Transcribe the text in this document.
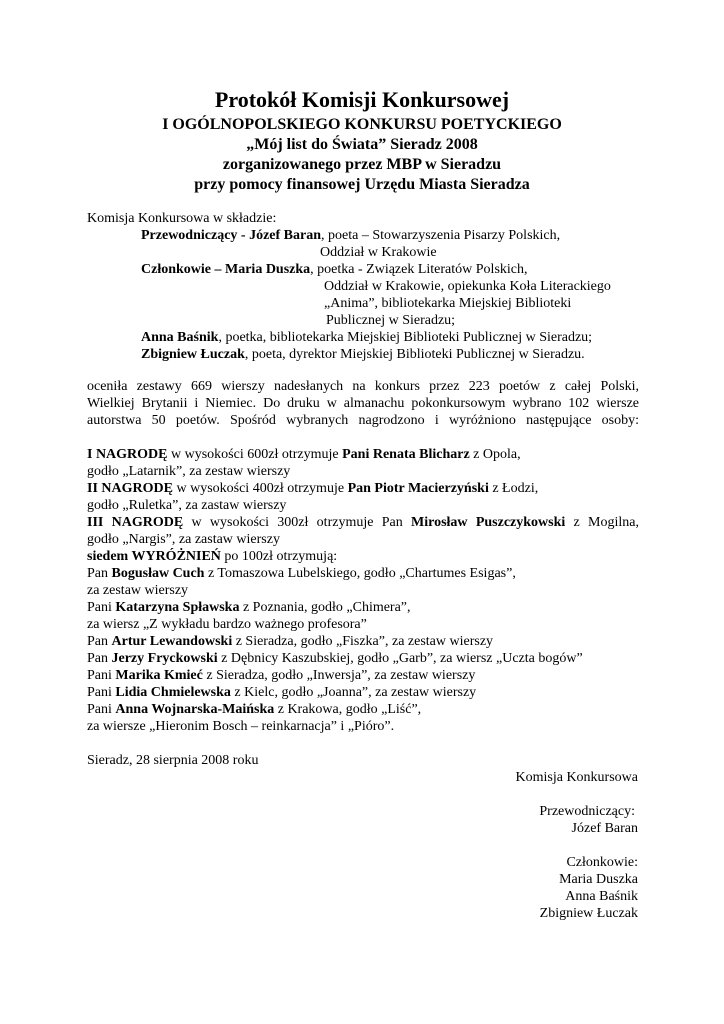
Protokół Komisji Konkursowej
I OGÓLNOPOLSKIEGO KONKURSU POETYCKIEGO
„Mój list do Świata” Sieradz 2008
zorganizowanego przez MBP w Sieradzu
przy pomocy finansowej Urzędu Miasta Sieradza
Komisja Konkursowa w składzie:
Przewodniczący - Józef Baran, poeta – Stowarzyszenia Pisarzy Polskich,
Oddział w Krakowie
Członkowie – Maria Duszka, poetka - Związek Literatów Polskich,
Oddział w Krakowie, opiekunka Koła Literackiego
„Anima”, bibliotekarka Miejskiej Biblioteki
Publicznej w Sieradzu;
Anna Baśnik, poetka, bibliotekarka Miejskiej Biblioteki Publicznej w Sieradzu;
Zbigniew Łuczak, poeta, dyrektor Miejskiej Biblioteki Publicznej w Sieradzu.
oceniła zestawy 669 wierszy nadesłanych na konkurs przez 223 poetów z całej Polski,
Wielkiej Brytanii i Niemiec. Do druku w almanachu pokonkursowym wybrano 102 wiersze
autorstwa 50 poetów. Spośród wybranych nagrodzono i wyróżniono następujące osoby:
I NAGRODĘ w wysokości 600zł otrzymuje Pani Renata Blicharz z Opola,
godło „Latarnik”, za zestaw wierszy
II NAGRODĘ w wysokości 400zł otrzymuje Pan Piotr Macierzyński z Łodzi,
godło „Ruletka”, za zastaw wierszy
III NAGRODĘ w wysokości 300zł otrzymuje Pan Mirosław Puszczykowski z Mogilna,
godło „Nargis”, za zastaw wierszy
siedem WYRÓŻNIEŃ po 100zł otrzymują:
Pan Bogusław Cuch z Tomaszowa Lubelskiego, godło „Chartumes Esigas”,
za zestaw wierszy
Pani Katarzyna Spławska z Poznania, godło „Chimera”,
za wiersz „Z wykładu bardzo ważnego profesora”
Pan Artur Lewandowski z Sieradza, godło „Fiszka”, za zestaw wierszy
Pan Jerzy Fryckowski z Dębnicy Kaszubskiej, godło „Garb”, za wiersz „Uczta bogów”
Pani Marika Kmieć z Sieradza, godło „Inwersja”, za zestaw wierszy
Pani Lidia Chmielewska z Kielc, godło „Joanna”, za zestaw wierszy
Pani Anna Wojnarska-Maińska z Krakowa, godło „Liść”,
za wiersze „Hieronim Bosch – reinkarnacja” i „Pióro”.
Sieradz, 28 sierpnia 2008 roku
Komisja Konkursowa
Przewodniczący:
Józef Baran
Członkowie:
Maria Duszka
Anna Baśnik
Zbigniew Łuczak
